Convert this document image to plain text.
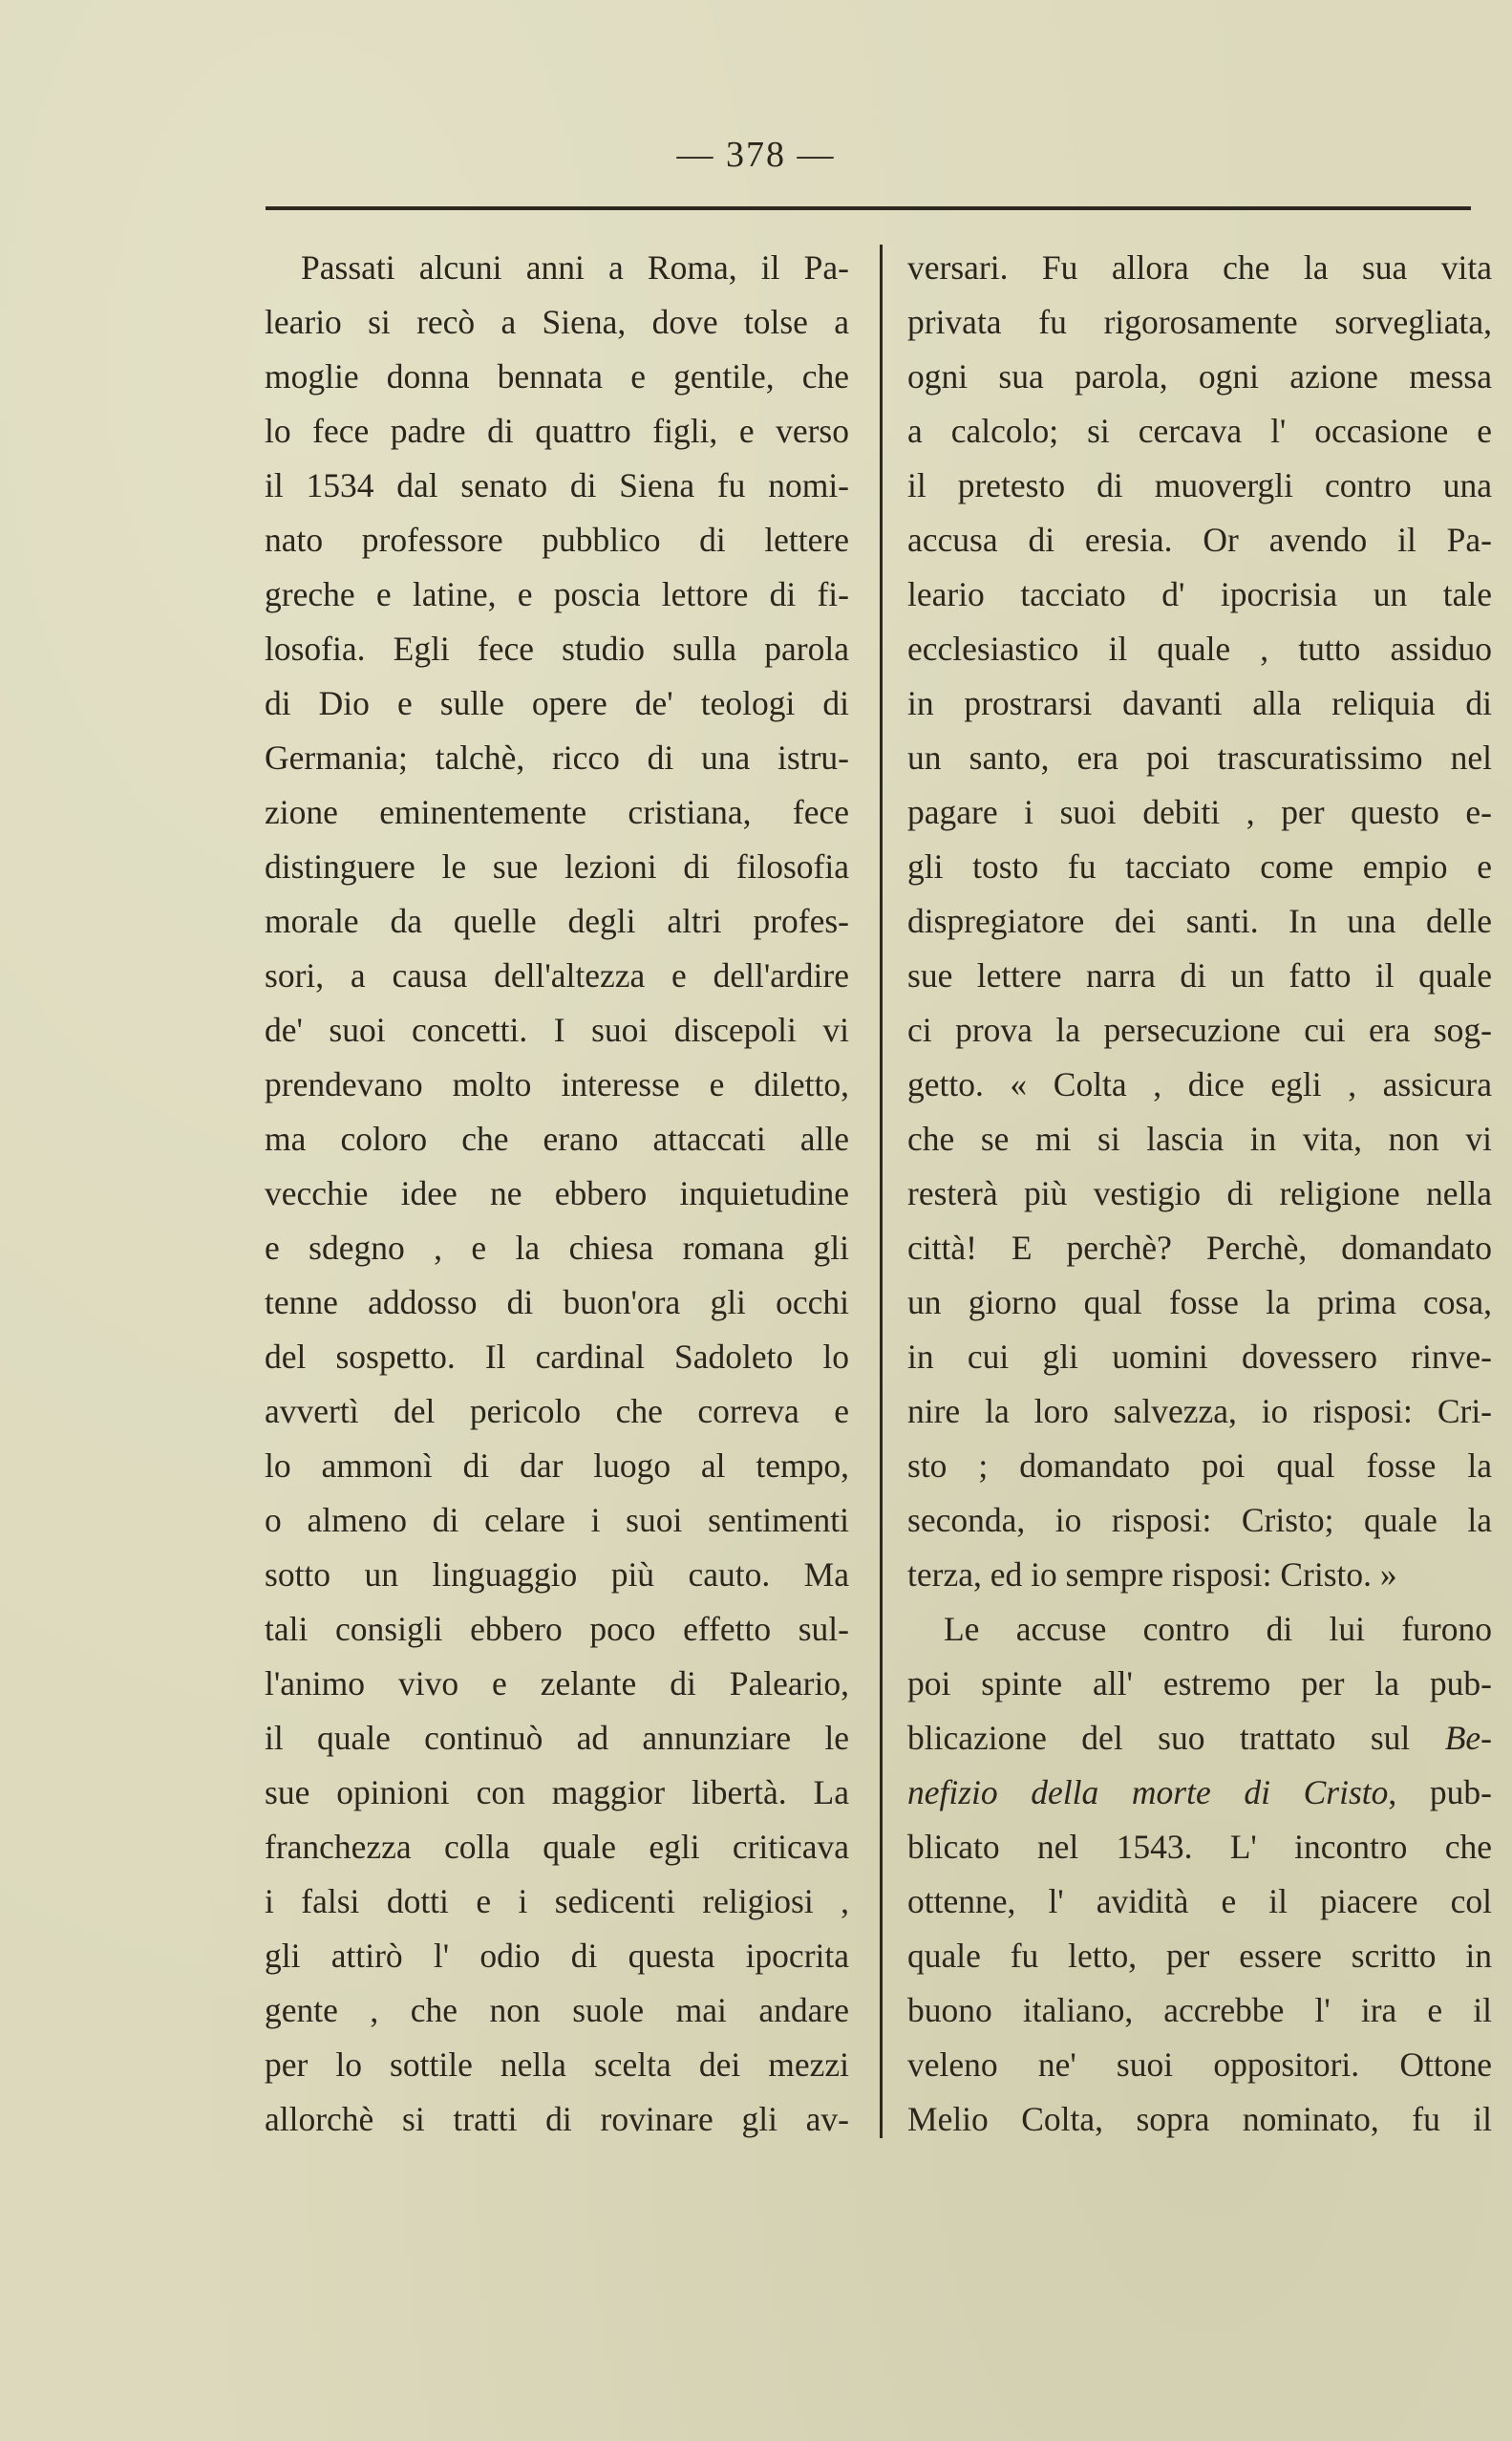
— 378 —
Passati alcuni anni a Roma, il Pa-
leario si recò a Siena, dove tolse a
moglie donna bennata e gentile, che
lo fece padre di quattro figli, e verso
il 1534 dal senato di Siena fu nomi-
nato professore pubblico di lettere
greche e latine, e poscia lettore di fi-
losofia. Egli fece studio sulla parola
di Dio e sulle opere de' teologi di
Germania; talchè, ricco di una istru-
zione eminentemente cristiana, fece
distinguere le sue lezioni di filosofia
morale da quelle degli altri profes-
sori, a causa dell'altezza e dell'ardire
de' suoi concetti. I suoi discepoli vi
prendevano molto interesse e diletto,
ma coloro che erano attaccati alle
vecchie idee ne ebbero inquietudine
e sdegno , e la chiesa romana gli
tenne addosso di buon'ora gli occhi
del sospetto. Il cardinal Sadoleto lo
avvertì del pericolo che correva e
lo ammonì di dar luogo al tempo,
o almeno di celare i suoi sentimenti
sotto un linguaggio più cauto. Ma
tali consigli ebbero poco effetto sul-
l'animo vivo e zelante di Paleario,
il quale continuò ad annunziare le
sue opinioni con maggior libertà. La
franchezza colla quale egli criticava
i falsi dotti e i sedicenti religiosi ,
gli attirò l' odio di questa ipocrita
gente , che non suole mai andare
per lo sottile nella scelta dei mezzi
allorchè si tratti di rovinare gli av-
versari. Fu allora che la sua vita
privata fu rigorosamente sorvegliata,
ogni sua parola, ogni azione messa
a calcolo; si cercava l' occasione e
il pretesto di muovergli contro una
accusa di eresia. Or avendo il Pa-
leario tacciato d' ipocrisia un tale
ecclesiastico il quale , tutto assiduo
in prostrarsi davanti alla reliquia di
un santo, era poi trascuratissimo nel
pagare i suoi debiti , per questo e-
gli tosto fu tacciato come empio e
dispregiatore dei santi. In una delle
sue lettere narra di un fatto il quale
ci prova la persecuzione cui era sog-
getto. « Colta , dice egli , assicura
che se mi si lascia in vita, non vi
resterà più vestigio di religione nella
città! E perchè? Perchè, domandato
un giorno qual fosse la prima cosa,
in cui gli uomini dovessero rinve-
nire la loro salvezza, io risposi: Cri-
sto ; domandato poi qual fosse la
seconda, io risposi: Cristo; quale la
terza, ed io sempre risposi: Cristo. »
Le accuse contro di lui furono
poi spinte all' estremo per la pub-
blicazione del suo trattato sul Be-
nefizio della morte di Cristo, pub-
blicato nel 1543. L' incontro che
ottenne, l' avidità e il piacere col
quale fu letto, per essere scritto in
buono italiano, accrebbe l' ira e il
veleno ne' suoi oppositori. Ottone
Melio Colta, sopra nominato, fu il
